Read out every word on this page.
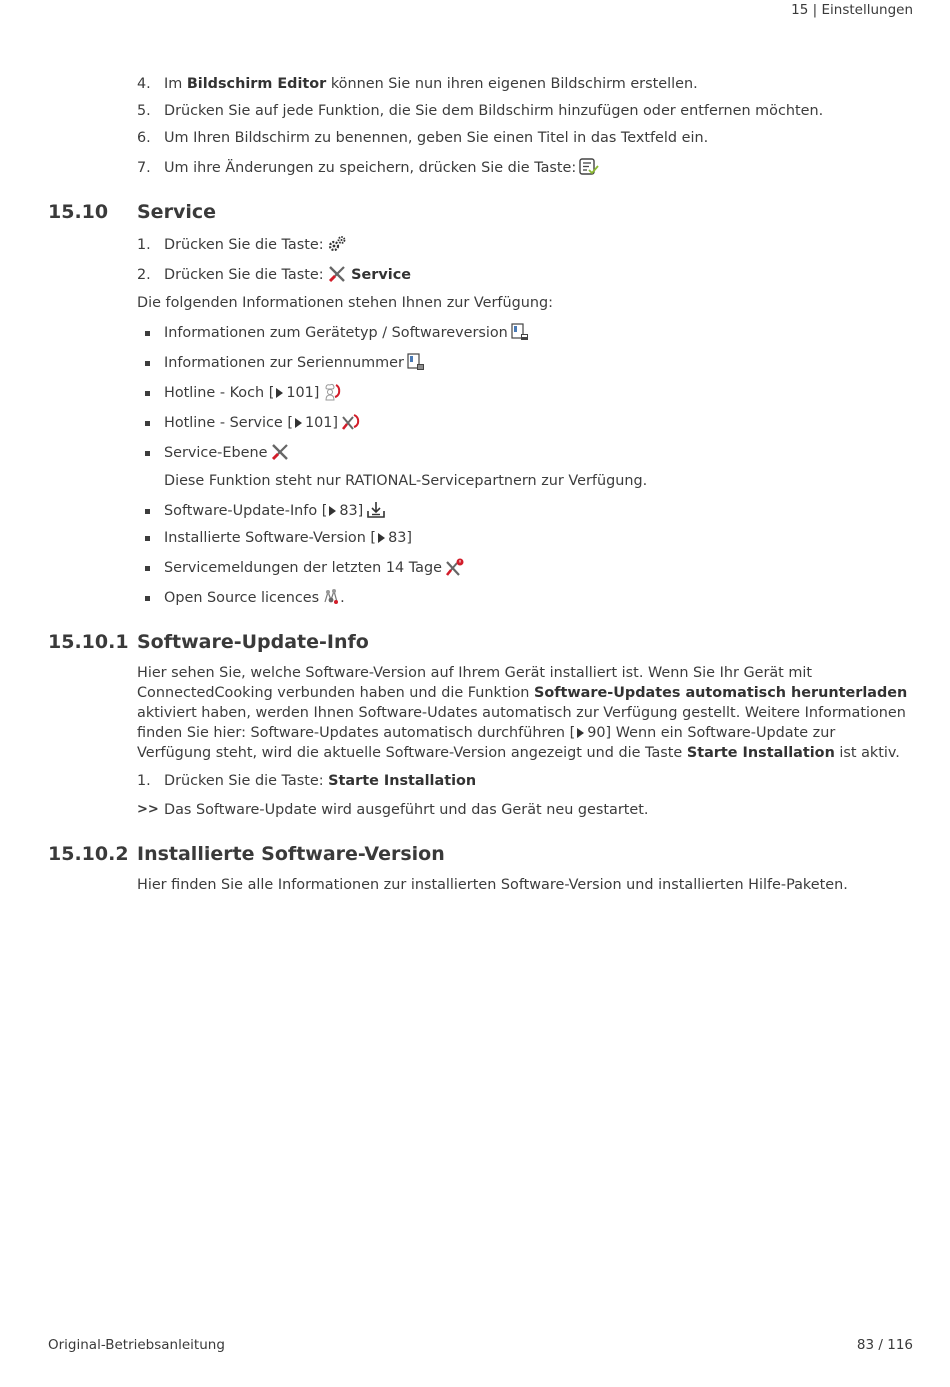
15 | Einstellungen
4. Im Bildschirm Editor können Sie nun ihren eigenen Bildschirm erstellen.
5. Drücken Sie auf jede Funktion, die Sie dem Bildschirm hinzufügen oder entfernen möchten.
6. Um Ihren Bildschirm zu benennen, geben Sie einen Titel in das Textfeld ein.
7. Um ihre Änderungen zu speichern, drücken Sie die Taste:
15.10 Service
1. Drücken Sie die Taste:
2. Drücken Sie die Taste: Service
Die folgenden Informationen stehen Ihnen zur Verfügung:
Informationen zum Gerätetyp / Softwareversion
Informationen zur Seriennummer
Hotline - Koch [ 101]
Hotline - Service [ 101]
Service-Ebene
Diese Funktion steht nur RATIONAL-Servicepartnern zur Verfügung.
Software-Update-Info [ 83]
Installierte Software-Version [ 83]
Servicemeldungen der letzten 14 Tage
Open Source licences .
15.10.1 Software-Update-Info
Hier sehen Sie, welche Software-Version auf Ihrem Gerät installiert ist. Wenn Sie Ihr Gerät mit ConnectedCooking verbunden haben und die Funktion Software-Updates automatisch herunterladen aktiviert haben, werden Ihnen Software-Udates automatisch zur Verfügung gestellt. Weitere Informationen finden Sie hier: Software-Updates automatisch durchführen [ 90] Wenn ein Software-Update zur Verfügung steht, wird die aktuelle Software-Version angezeigt und die Taste Starte Installation ist aktiv.
1. Drücken Sie die Taste: Starte Installation
>> Das Software-Update wird ausgeführt und das Gerät neu gestartet.
15.10.2 Installierte Software-Version
Hier finden Sie alle Informationen zur installierten Software-Version und installierten Hilfe-Paketen.
Original-Betriebsanleitung	83 / 116
